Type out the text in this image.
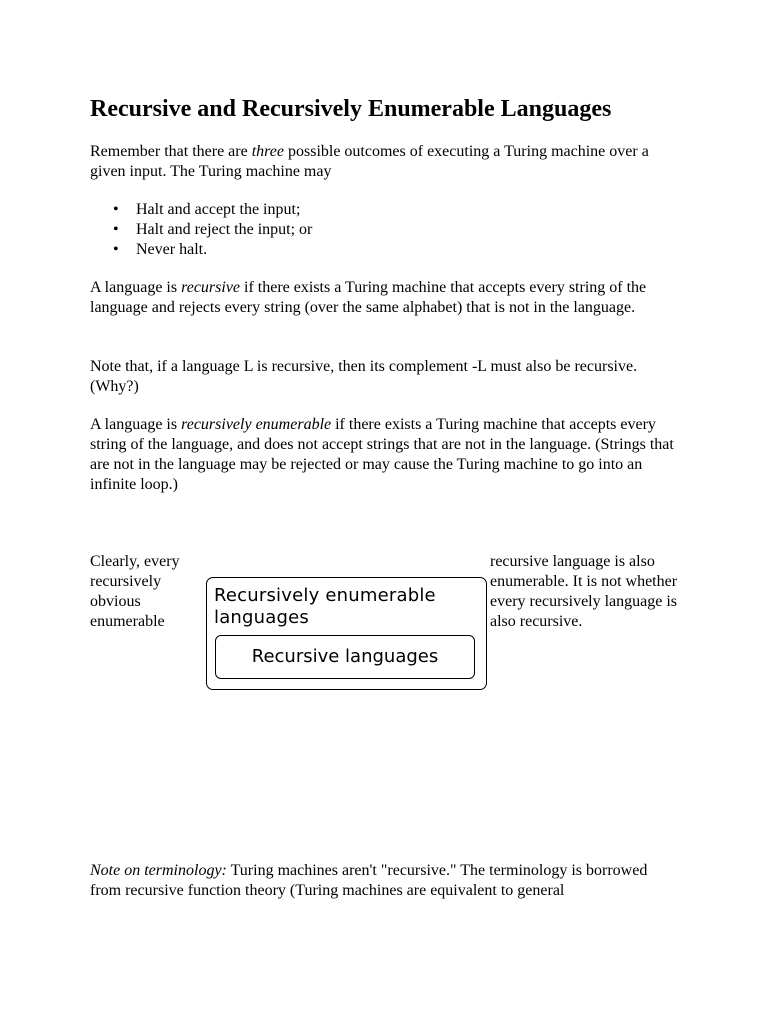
Recursive and Recursively Enumerable Languages

Remember that there are three possible outcomes of executing a Turing machine over a given input. The Turing machine may

• Halt and accept the input;
• Halt and reject the input; or
• Never halt.

A language is recursive if there exists a Turing machine that accepts every string of the language and rejects every string (over the same alphabet) that is not in the language.

Note that, if a language L is recursive, then its complement -L must also be recursive. (Why?)

A language is recursively enumerable if there exists a Turing machine that accepts every string of the language, and does not accept strings that are not in the language. (Strings that are not in the language may be rejected or may cause the Turing machine to go into an infinite loop.)

Clearly, every recursively obvious enumerable

Recursively enumerable languages
Recursive languages

recursive language is also enumerable. It is not whether every recursively language is also recursive.

Note on terminology: Turing machines aren't "recursive." The terminology is borrowed from recursive function theory (Turing machines are equivalent to general
